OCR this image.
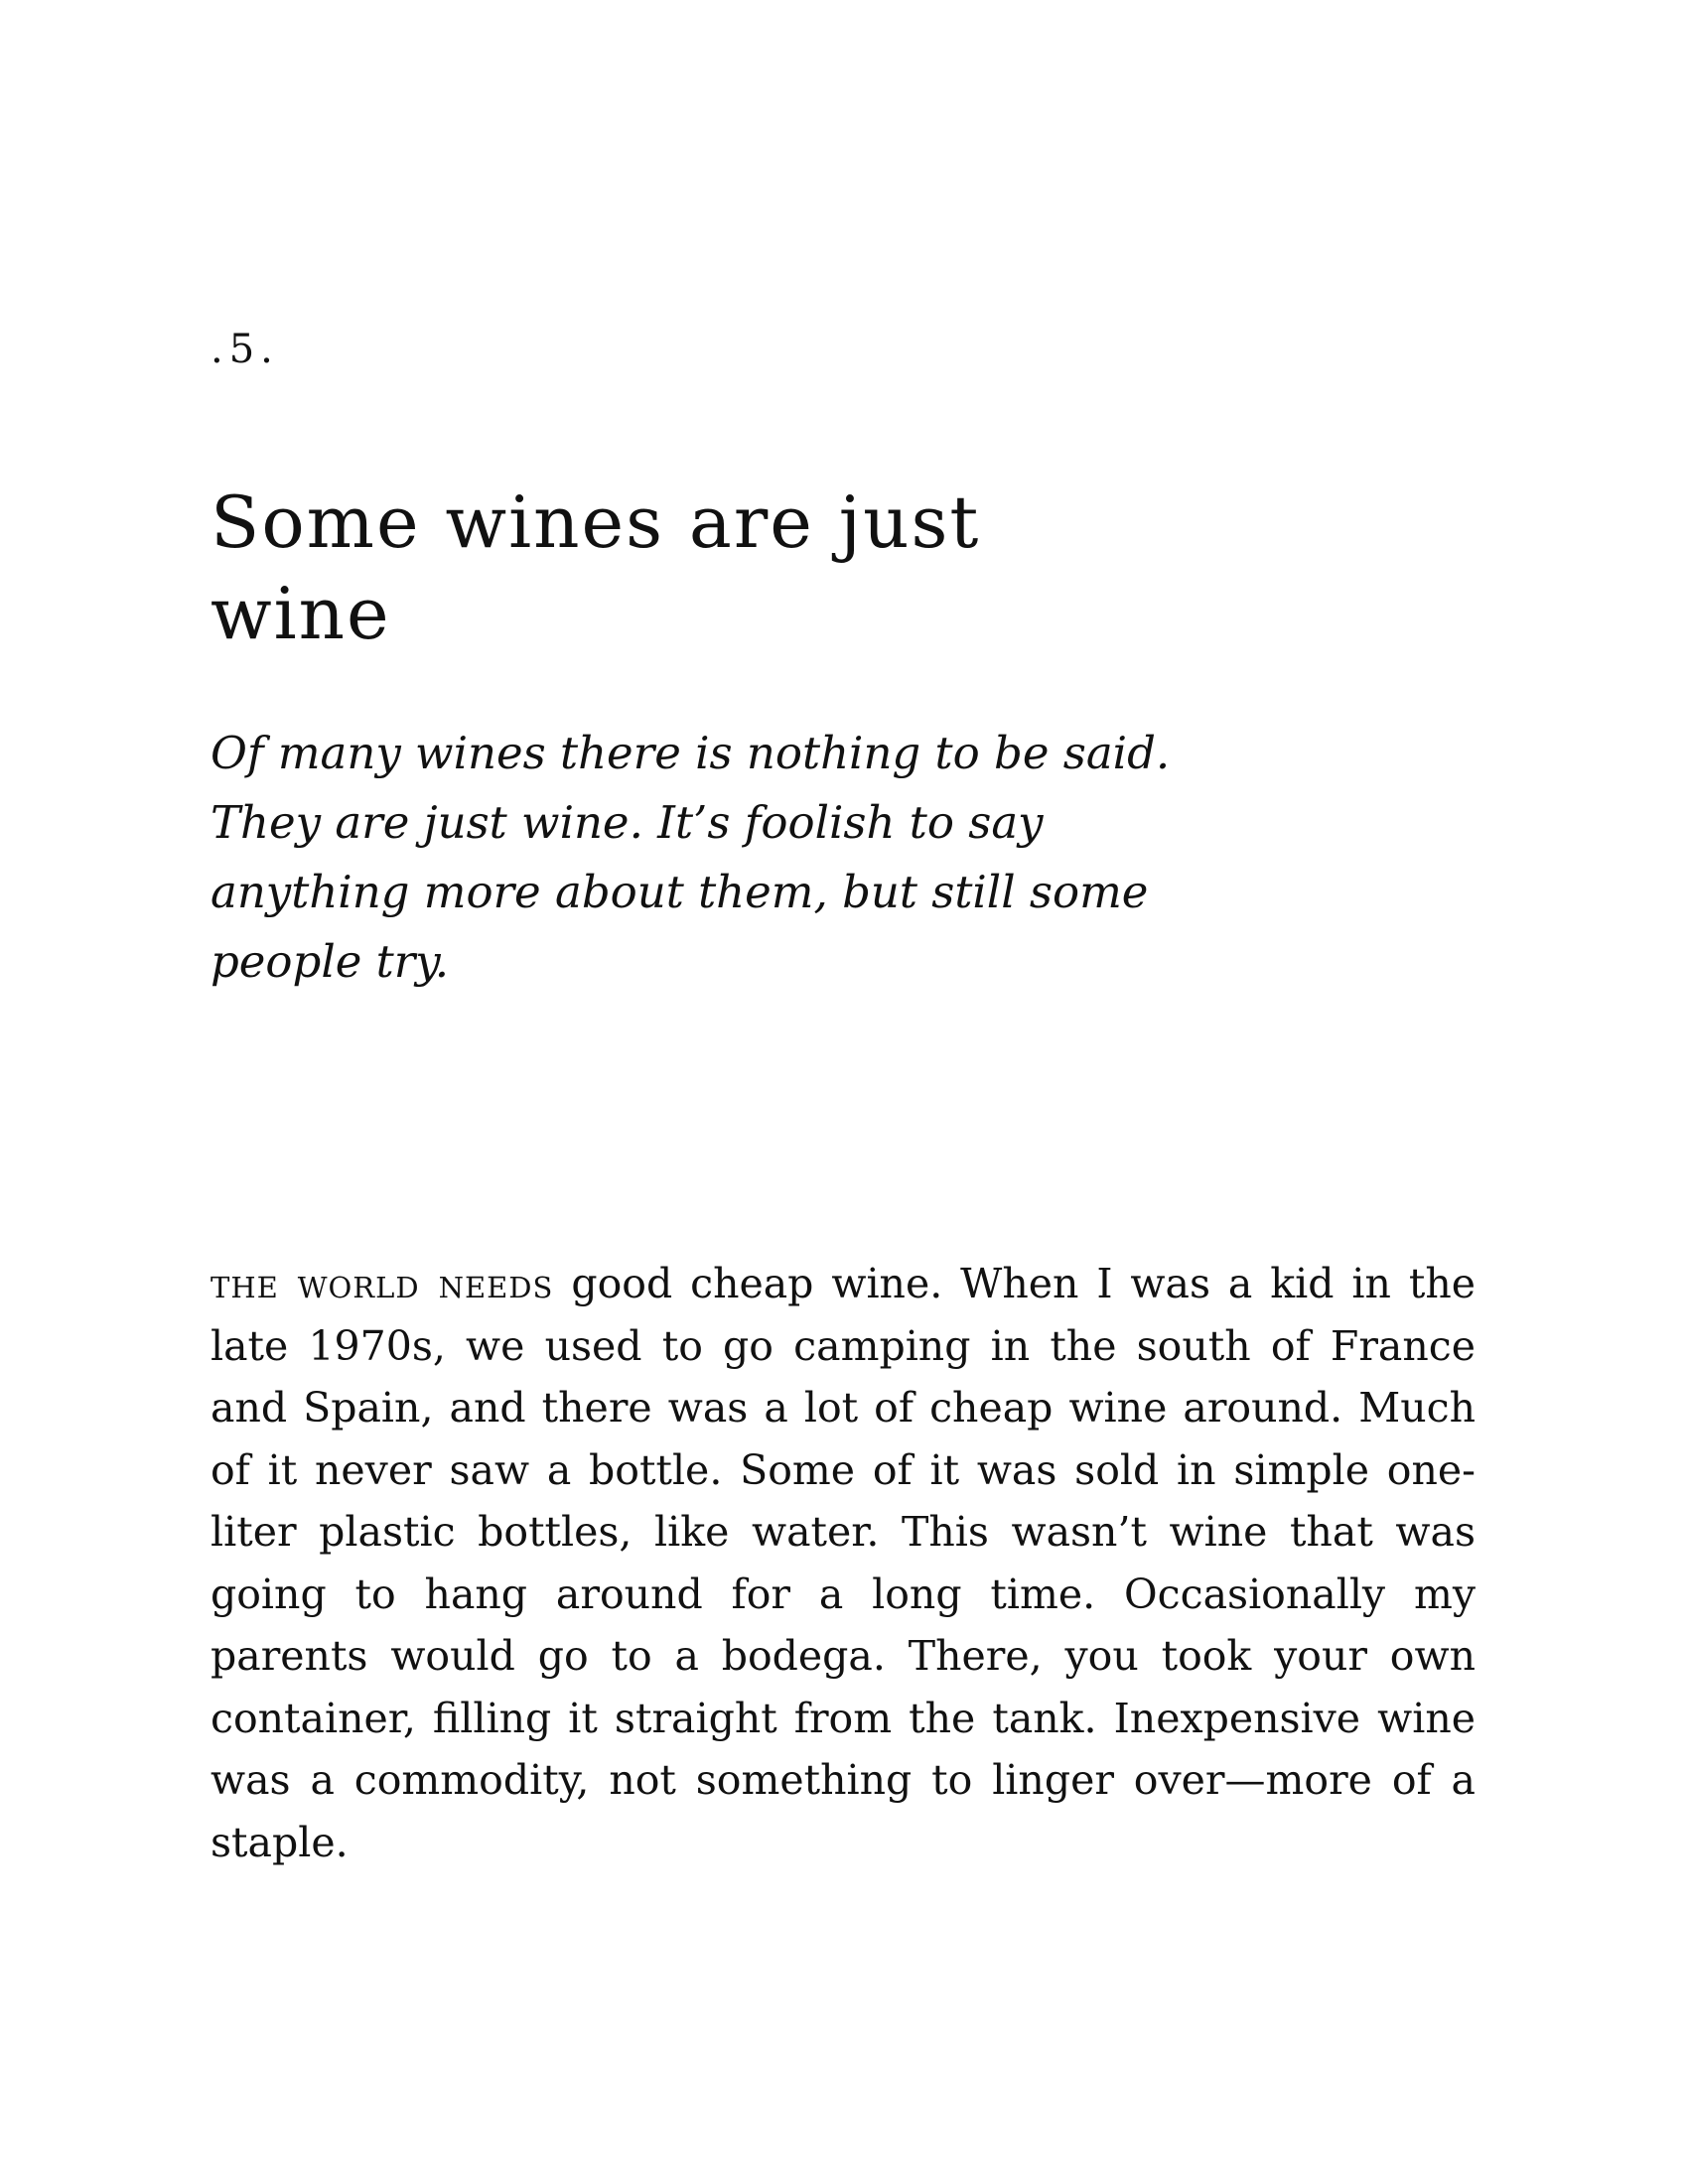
.5.

Some wines are just wine

Of many wines there is nothing to be said. They are just wine. It’s foolish to say anything more about them, but still some people try.

the world needs good cheap wine. When I was a kid in the late 1970s, we used to go camping in the south of France and Spain, and there was a lot of cheap wine around. Much of it never saw a bottle. Some of it was sold in simple one-liter plastic bottles, like water. This wasn’t wine that was going to hang around for a long time. Occasionally my parents would go to a bodega. There, you took your own container, filling it straight from the tank. Inexpensive wine was a commodity, not something to linger over—more of a staple.
